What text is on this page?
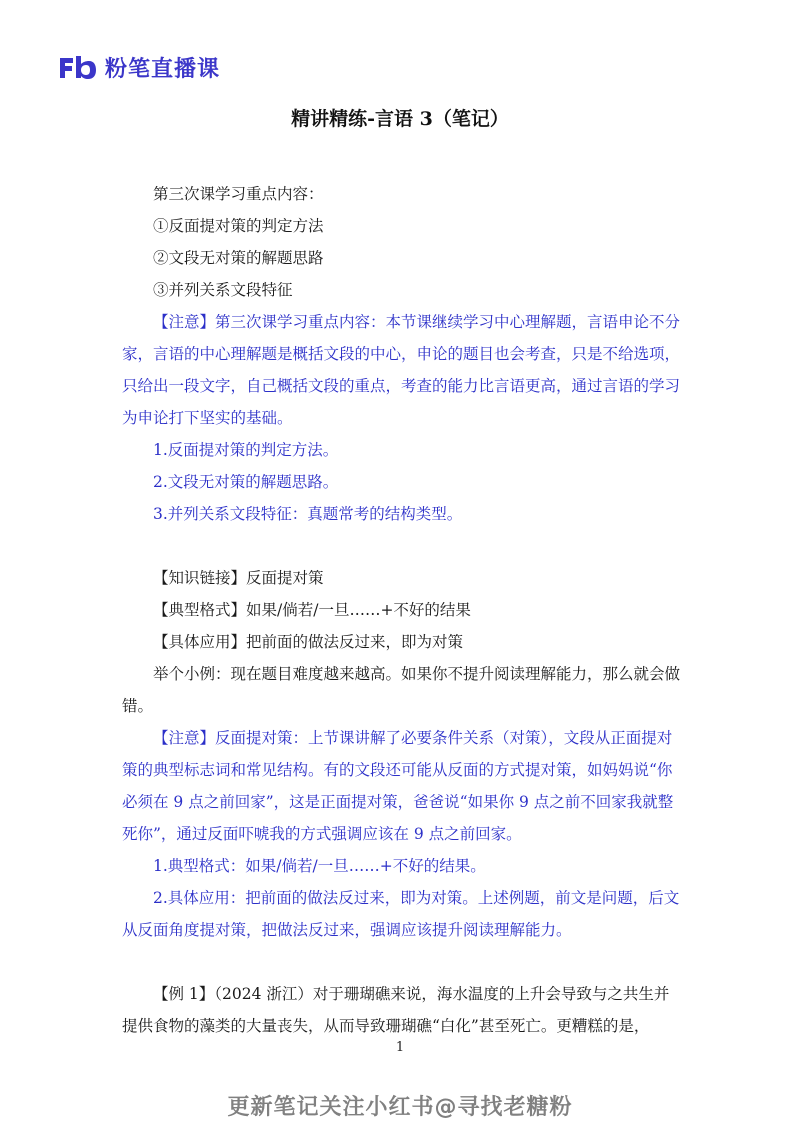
粉笔直播课
精讲精练-言语 3（笔记）

第三次课学习重点内容：

①反面提对策的判定方法

②文段无对策的解题思路

③并列关系文段特征

【注意】第三次课学习重点内容：本节课继续学习中心理解题，言语申论不分家，言语的中心理解题是概括文段的中心，申论的题目也会考查，只是不给选项，只给出一段文字，自己概括文段的重点，考查的能力比言语更高，通过言语的学习为申论打下坚实的基础。

1.反面提对策的判定方法。

2.文段无对策的解题思路。

3.并列关系文段特征：真题常考的结构类型。

【知识链接】反面提对策

【典型格式】如果/倘若/一旦……+不好的结果

【具体应用】把前面的做法反过来，即为对策

举个小例：现在题目难度越来越高。如果你不提升阅读理解能力，那么就会做错。

【注意】反面提对策：上节课讲解了必要条件关系（对策），文段从正面提对策的典型标志词和常见结构。有的文段还可能从反面的方式提对策，如妈妈说“你必须在 9 点之前回家”，这是正面提对策，爸爸说“如果你 9 点之前不回家我就整死你”，通过反面吓唬我的方式强调应该在 9 点之前回家。

1.典型格式：如果/倘若/一旦……+不好的结果。

2.具体应用：把前面的做法反过来，即为对策。上述例题，前文是问题，后文从反面角度提对策，把做法反过来，强调应该提升阅读理解能力。

【例 1】（2024 浙江）对于珊瑚礁来说，海水温度的上升会导致与之共生并提供食物的藻类的大量丧失，从而导致珊瑚礁“白化”甚至死亡。更糟糕的是，

1
更新笔记关注小红书@寻找老糖粉
